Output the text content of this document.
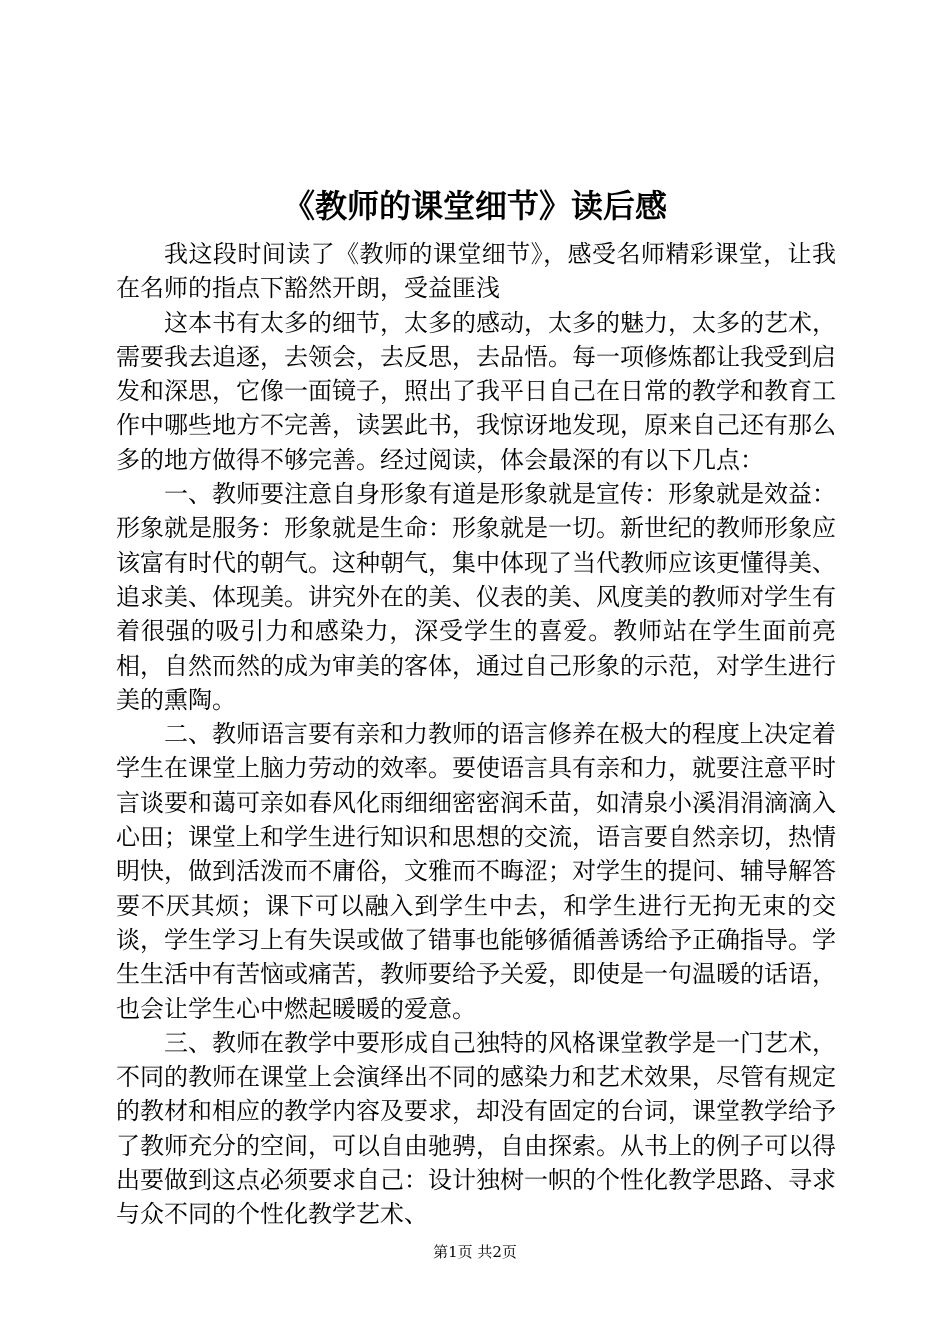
《教师的课堂细节》读后感

我这段时间读了《教师的课堂细节》，感受名师精彩课堂，让我在名师的指点下豁然开朗，受益匪浅

这本书有太多的细节，太多的感动，太多的魅力，太多的艺术，需要我去追逐，去领会，去反思，去品悟。每一项修炼都让我受到启发和深思，它像一面镜子，照出了我平日自己在日常的教学和教育工作中哪些地方不完善，读罢此书，我惊讶地发现，原来自己还有那么多的地方做得不够完善。经过阅读，体会最深的有以下几点：

一、教师要注意自身形象有道是形象就是宣传：形象就是效益：形象就是服务：形象就是生命：形象就是一切。新世纪的教师形象应该富有时代的朝气。这种朝气，集中体现了当代教师应该更懂得美、追求美、体现美。讲究外在的美、仪表的美、风度美的教师对学生有着很强的吸引力和感染力，深受学生的喜爱。教师站在学生面前亮相，自然而然的成为审美的客体，通过自己形象的示范，对学生进行美的熏陶。

二、教师语言要有亲和力教师的语言修养在极大的程度上决定着学生在课堂上脑力劳动的效率。要使语言具有亲和力，就要注意平时言谈要和蔼可亲如春风化雨细细密密润禾苗，如清泉小溪涓涓滴滴入心田；课堂上和学生进行知识和思想的交流，语言要自然亲切，热情明快，做到活泼而不庸俗，文雅而不晦涩；对学生的提问、辅导解答要不厌其烦；课下可以融入到学生中去，和学生进行无拘无束的交谈，学生学习上有失误或做了错事也能够循循善诱给予正确指导。学生生活中有苦恼或痛苦，教师要给予关爱，即使是一句温暖的话语，也会让学生心中燃起暖暖的爱意。

三、教师在教学中要形成自己独特的风格课堂教学是一门艺术，不同的教师在课堂上会演绎出不同的感染力和艺术效果，尽管有规定的教材和相应的教学内容及要求，却没有固定的台词，课堂教学给予了教师充分的空间，可以自由驰骋，自由探索。从书上的例子可以得出要做到这点必须要求自己：设计独树一帜的个性化教学思路、寻求与众不同的个性化教学艺术、

第1页 共2页
